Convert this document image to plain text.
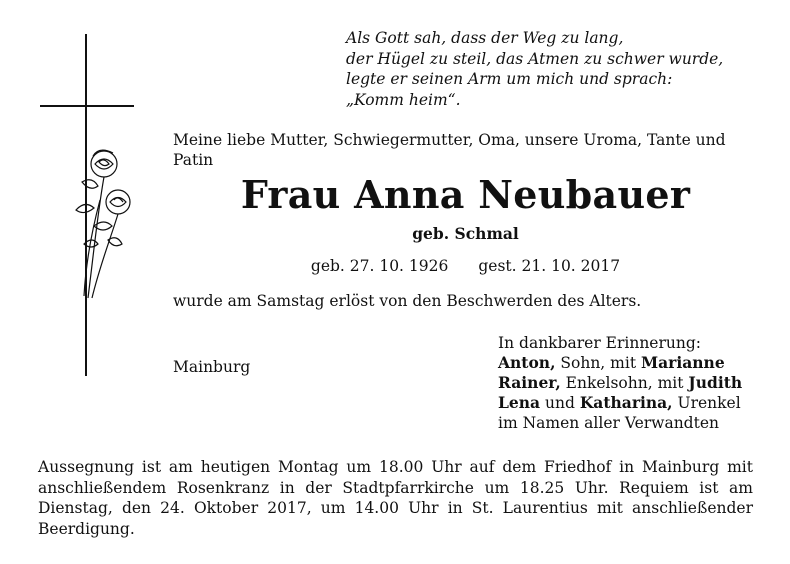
Als Gott sah, dass der Weg zu lang,
der Hügel zu steil, das Atmen zu schwer wurde,
legte er seinen Arm um mich und sprach:
„Komm heim“.
Meine liebe Mutter, Schwiegermutter, Oma, unsere Uroma, Tante und Patin
Frau Anna Neubauer
geb. Schmal
geb. 27. 10. 1926 gest. 21. 10. 2017
wurde am Samstag erlöst von den Beschwerden des Alters.
Mainburg
In dankbarer Erinnerung:
Anton, Sohn, mit Marianne
Rainer, Enkelsohn, mit Judith
Lena und Katharina, Urenkel
im Namen aller Verwandten
Aussegnung ist am heutigen Montag um 18.00 Uhr auf dem Friedhof in Mainburg mit anschließendem Rosenkranz in der Stadtpfarrkirche um 18.25 Uhr. Requiem ist am Dienstag, den 24. Oktober 2017, um 14.00 Uhr in St. Laurentius mit anschließender Beerdigung.
